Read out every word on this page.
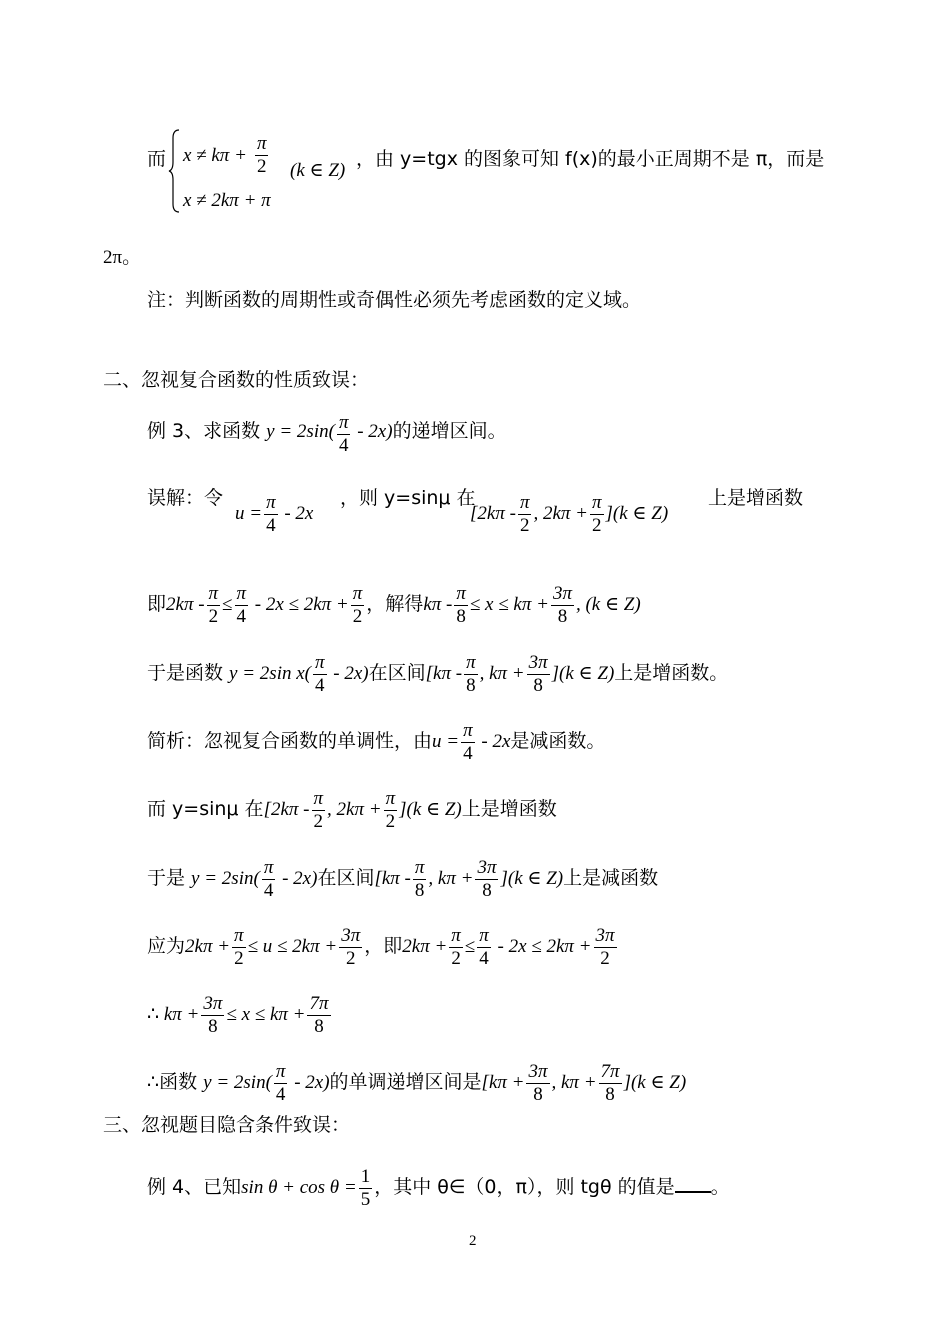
而 $x \ne k\pi + \frac{\pi}{2} (k$ ∈ Z)
x ≠ 2kπ + π
，由 y=tgx 的图象可知 f(x)的最小正周期不是 π，而是
2π。
注：判断函数的周期性或奇偶性必须先考虑函数的定义域。
二、忽视复合函数的性质致误：
例 3、求函数 $y = 2\sin( \frac{\pi}{4} - 2x)$的递增区间。
误解：令
$u = \frac{\pi}{4} - 2x$
，则 y=sinμ 在
[$2k\pi - \frac{\pi}{2}$ , $2k\pi + \frac{\pi}{2} ](k$ ∈ Z)
上是增函数
即$2k\pi - \frac{\pi}{2} \le \frac{\pi}{4} - 2x \le 2k\pi + \frac{\pi}{2}$ ，解得$k\pi - \frac{\pi}{8} \le x \le k\pi + \frac{3\pi}{8}$ , (k ∈ Z)
于是函数 y = 2sin $x( \frac{\pi}{4} - 2x)$在区间[$k\pi - \frac{\pi}{8}$ , $k\pi + \frac{3\pi}{8} ](k$ ∈ Z)上是增函数。
简析：忽视复合函数的单调性，由$u = \frac{\pi}{4} - 2x$是减函数。
而 y=sinμ 在[$2k\pi - \frac{\pi}{2}$ , $2k\pi + \frac{\pi}{2} ](k$ ∈ Z)上是增函数
于是 $y = 2\sin( \frac{\pi}{4} - 2x)$在区间[$k\pi - \frac{\pi}{8}$ , $k\pi + \frac{3\pi}{8} ](k$ ∈ Z)上是减函数
应为$2k\pi + \frac{\pi}{2} \le u \le 2k\pi + \frac{3\pi}{2}$ ，即$2k\pi + \frac{\pi}{2} \le \frac{\pi}{4} - 2x \le 2k\pi + \frac{3\pi}{2}$
∴ $k\pi + \frac{3\pi}{8} \le x \le k\pi + \frac{7\pi}{8}$
∴函数 $y = 2\sin( \frac{\pi}{4} - 2x)$的单调递增区间是[$k\pi + \frac{3\pi}{8}$ , $k\pi + \frac{7\pi}{8} ](k$ ∈ Z)
三、忽视题目隐含条件致误：
例 4、已知$\sin \theta + \cos \theta = \frac{1}{5}$ ，其中 θ∈（0，π），则 tgθ 的值是 。
2
